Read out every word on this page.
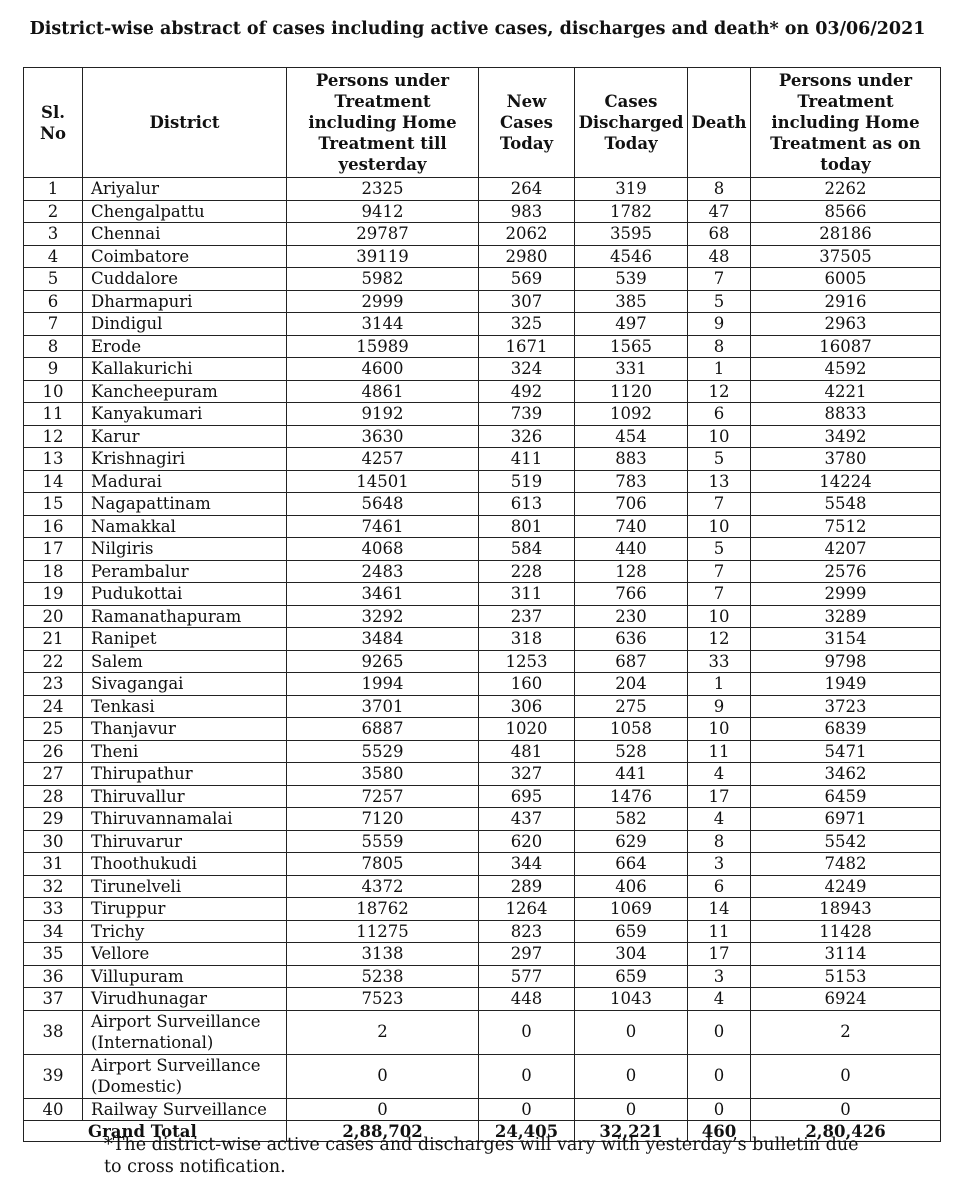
District-wise abstract of cases including active cases, discharges and death* on 03/06/2021
Sl. No	District	Persons under Treatment including Home Treatment till yesterday	New Cases Today	Cases Discharged Today	Death	Persons under Treatment including Home Treatment as on today
1	Ariyalur	2325	264	319	8	2262
2	Chengalpattu	9412	983	1782	47	8566
3	Chennai	29787	2062	3595	68	28186
4	Coimbatore	39119	2980	4546	48	37505
5	Cuddalore	5982	569	539	7	6005
6	Dharmapuri	2999	307	385	5	2916
7	Dindigul	3144	325	497	9	2963
8	Erode	15989	1671	1565	8	16087
9	Kallakurichi	4600	324	331	1	4592
10	Kancheepuram	4861	492	1120	12	4221
11	Kanyakumari	9192	739	1092	6	8833
12	Karur	3630	326	454	10	3492
13	Krishnagiri	4257	411	883	5	3780
14	Madurai	14501	519	783	13	14224
15	Nagapattinam	5648	613	706	7	5548
16	Namakkal	7461	801	740	10	7512
17	Nilgiris	4068	584	440	5	4207
18	Perambalur	2483	228	128	7	2576
19	Pudukottai	3461	311	766	7	2999
20	Ramanathapuram	3292	237	230	10	3289
21	Ranipet	3484	318	636	12	3154
22	Salem	9265	1253	687	33	9798
23	Sivagangai	1994	160	204	1	1949
24	Tenkasi	3701	306	275	9	3723
25	Thanjavur	6887	1020	1058	10	6839
26	Theni	5529	481	528	11	5471
27	Thirupathur	3580	327	441	4	3462
28	Thiruvallur	7257	695	1476	17	6459
29	Thiruvannamalai	7120	437	582	4	6971
30	Thiruvarur	5559	620	629	8	5542
31	Thoothukudi	7805	344	664	3	7482
32	Tirunelveli	4372	289	406	6	4249
33	Tiruppur	18762	1264	1069	14	18943
34	Trichy	11275	823	659	11	11428
35	Vellore	3138	297	304	17	3114
36	Villupuram	5238	577	659	3	5153
37	Virudhunagar	7523	448	1043	4	6924
38	Airport Surveillance (International)	2	0	0	0	2
39	Airport Surveillance (Domestic)	0	0	0	0	0
40	Railway Surveillance	0	0	0	0	0
Grand Total		2,88,702	24,405	32,221	460	2,80,426
*The district-wise active cases and discharges will vary with yesterday’s bulletin due to cross notification.
